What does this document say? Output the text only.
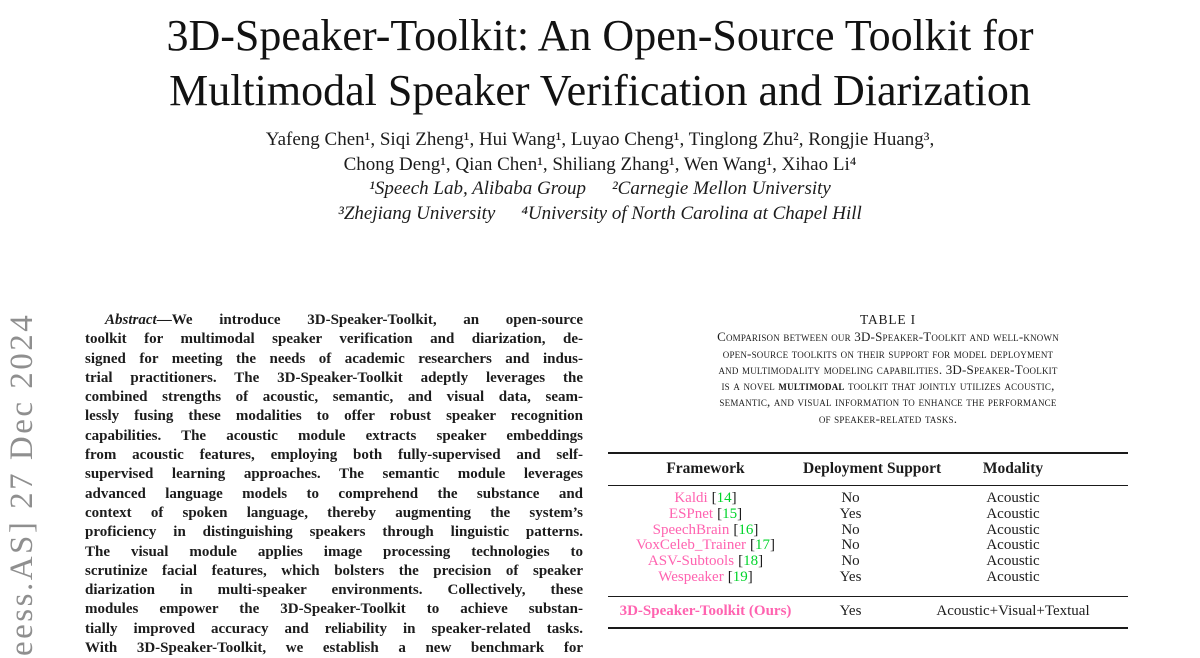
eess.AS] 27 Dec 2024
3D-Speaker-Toolkit: An Open-Source Toolkit for
Multimodal Speaker Verification and Diarization
Yafeng Chen¹, Siqi Zheng¹, Hui Wang¹, Luyao Cheng¹, Tinglong Zhu², Rongjie Huang³,
Chong Deng¹, Qian Chen¹, Shiliang Zhang¹, Wen Wang¹, Xihao Li⁴
¹Speech Lab, Alibaba Group ²Carnegie Mellon University
³Zhejiang University ⁴University of North Carolina at Chapel Hill
Abstract—We introduce 3D-Speaker-Toolkit, an open-source
toolkit for multimodal speaker verification and diarization, de-
signed for meeting the needs of academic researchers and indus-
trial practitioners. The 3D-Speaker-Toolkit adeptly leverages the
combined strengths of acoustic, semantic, and visual data, seam-
lessly fusing these modalities to offer robust speaker recognition
capabilities. The acoustic module extracts speaker embeddings
from acoustic features, employing both fully-supervised and self-
supervised learning approaches. The semantic module leverages
advanced language models to comprehend the substance and
context of spoken language, thereby augmenting the system’s
proficiency in distinguishing speakers through linguistic patterns.
The visual module applies image processing technologies to
scrutinize facial features, which bolsters the precision of speaker
diarization in multi-speaker environments. Collectively, these
modules empower the 3D-Speaker-Toolkit to achieve substan-
tially improved accuracy and reliability in speaker-related tasks.
With 3D-Speaker-Toolkit, we establish a new benchmark for
TABLE I
Comparison between our 3D-Speaker-Toolkit and well-known
open-source toolkits on their support for model deployment
and multimodality modeling capabilities. 3D-Speaker-Toolkit
is a novel multimodal toolkit that jointly utilizes acoustic,
semantic, and visual information to enhance the performance
of speaker-related tasks.
Framework	Deployment Support	Modality
Kaldi [14]	No	Acoustic
ESPnet [15]	Yes	Acoustic
SpeechBrain [16]	No	Acoustic
VoxCeleb_Trainer [17]	No	Acoustic
ASV-Subtools [18]	No	Acoustic
Wespeaker [19]	Yes	Acoustic
3D-Speaker-Toolkit (Ours)	Yes	Acoustic+Visual+Textual
